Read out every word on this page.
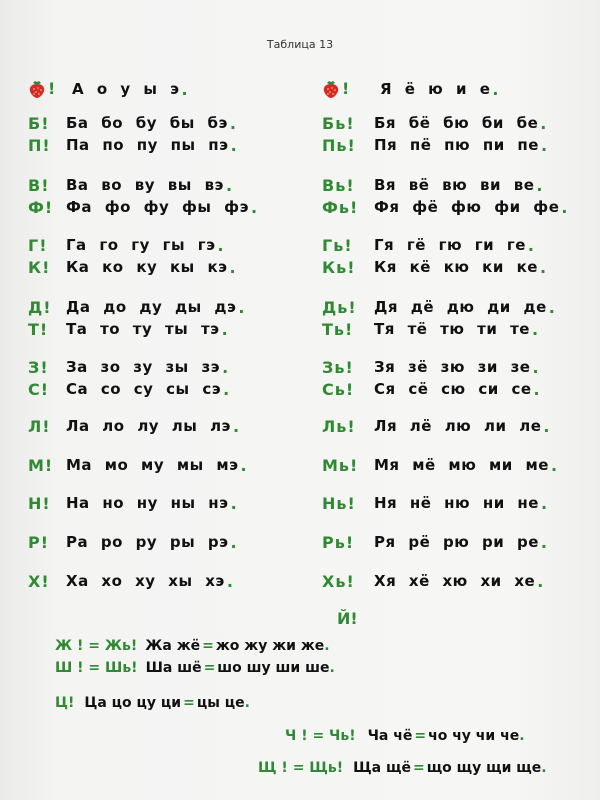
Таблица 13
!	А о у ы э .
Б!	Ба бо бу бы бэ .
П!	Па по пу пы пэ .
В!	Ва во ву вы вэ .
Ф! Фа фо фу фы фэ .
Г!	Га го гу гы гэ .
К!	Ка ко ку кы кэ .
Д! Да до ду ды дэ .
Т!	Та то ту ты тэ .
З!	За зо зу зы зэ .
С!	Са со су сы сэ .
Л!	Ла ло лу лы лэ .
М! Ма мо му мы мэ .
Н!	На но ну ны нэ .
Р!	Ра ро ру ры рэ .
Х!	Ха хо ху хы хэ .
!	Я ё ю и е .
Бь!	Бя бё бю би бе .
Пь!	Пя пё пю пи пе .
Вь!	Вя вё вю ви ве .
Фь!	Фя фё фю фи фе .
Гь!	Гя гё гю ги ге .
Кь!	Кя кё кю ки ке .
Дь!	Дя дё дю ди де .
Ть!	Тя тё тю ти те .
Зь!	Зя зё зю зи зе .
Сь!	Ся сё сю си се .
Ль!	Ля лё лю ли ле .
Мь!	Мя мё мю ми ме .
Нь!	Ня нё ню ни не .
Рь!	Ря рё рю ри ре .
Хь!	Хя хё хю хи хе .
Й!
Ж ! = Жь! Жа жё = жо жу жи же .
Ш ! = Шь! Ша шё = шо шу ши ше .
Ц! Ца цо цу ци = цы це .
Ч ! = Чь! Ча чё = чо чу чи че .
Щ ! = Щь! Ща щё = що щу щи ще .
